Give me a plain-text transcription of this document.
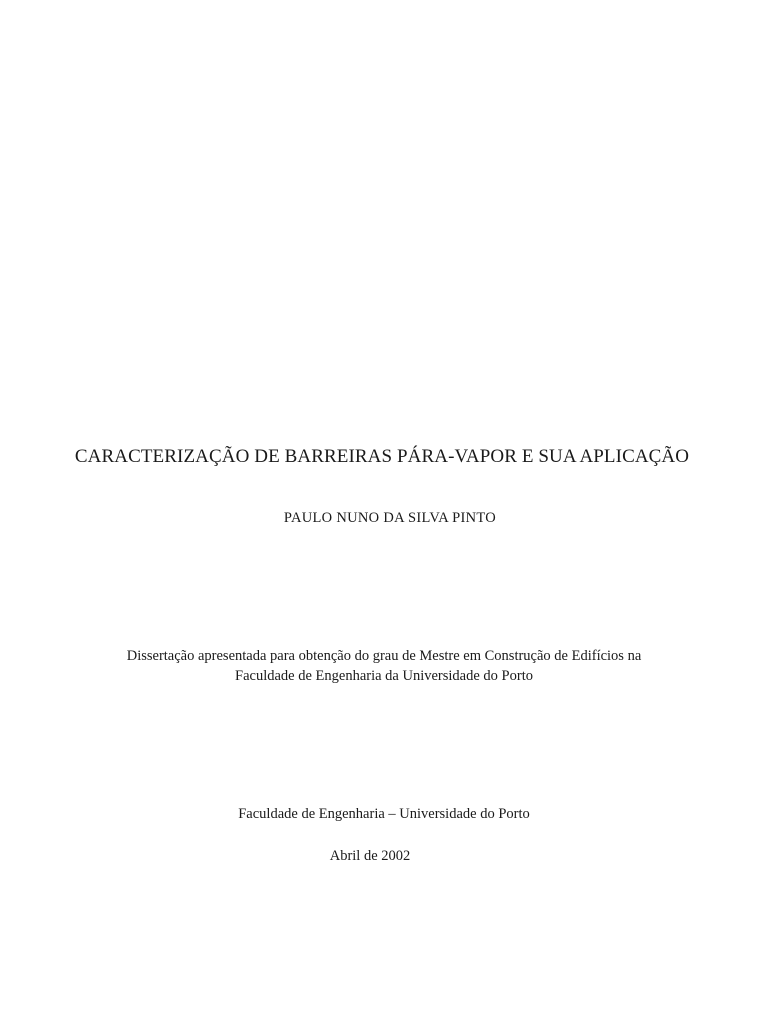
CARACTERIZAÇÃO DE BARREIRAS PÁRA-VAPOR E SUA APLICAÇÃO

PAULO NUNO DA SILVA PINTO

Dissertação apresentada para obtenção do grau de Mestre em Construção de Edifícios na

Faculdade de Engenharia da Universidade do Porto

Faculdade de Engenharia – Universidade do Porto

Abril de 2002
